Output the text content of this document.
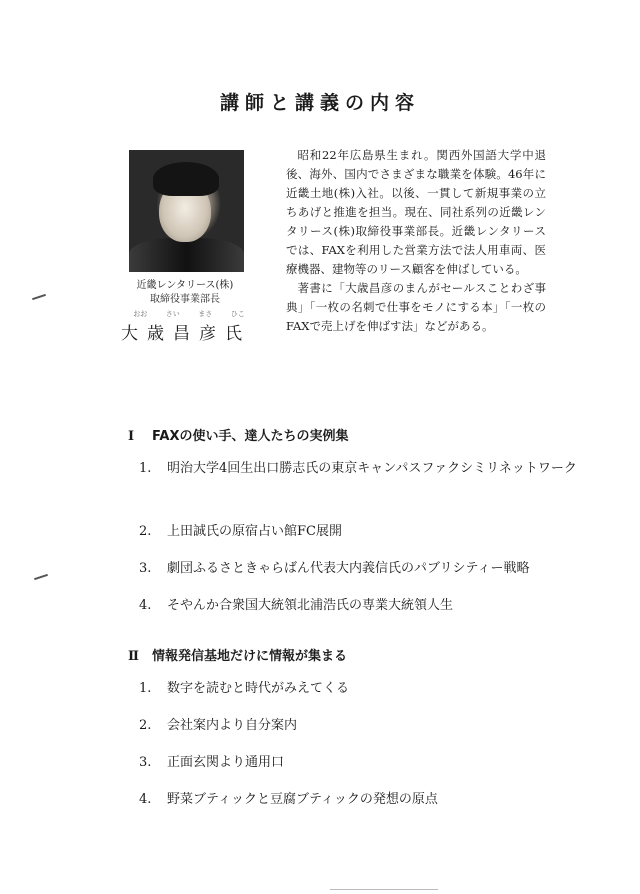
講師と講義の内容
近畿レンタリース(株)
取締役事業部長
おお	さい	まさ	ひこ
大歳昌彦氏

昭和22年広島県生まれ。関西外国語大学中退後、海外、国内でさまざまな職業を体験。46年に近畿土地(株)入社。以後、一貫して新規事業の立ちあげと推進を担当。現在、同社系列の近畿レンタリース(株)取締役事業部長。近畿レンタリースでは、FAXを利用した営業方法で法人用車両、医療機器、建物等のリース顧客を伸ばしている。

著書に「大歳昌彦のまんがセールスことわざ事典」「一枚の名刺で仕事をモノにする本」「一枚のFAXで売上げを伸ばす法」などがある。

Ⅰ FAXの使い手、達人たちの実例集
1. 明治大学4回生出口勝志氏の東京キャンパスファクシミリネットワーク
2. 上田誠氏の原宿占い館FC展開
3. 劇団ふるさときゃらばん代表大内義信氏のパブリシティー戦略
4. そやんか合衆国大統領北浦浩氏の専業大統領人生
Ⅱ 情報発信基地だけに情報が集まる
1. 数字を読むと時代がみえてくる
2. 会社案内より自分案内
3. 正面玄関より通用口
4. 野菜ブティックと豆腐ブティックの発想の原点
